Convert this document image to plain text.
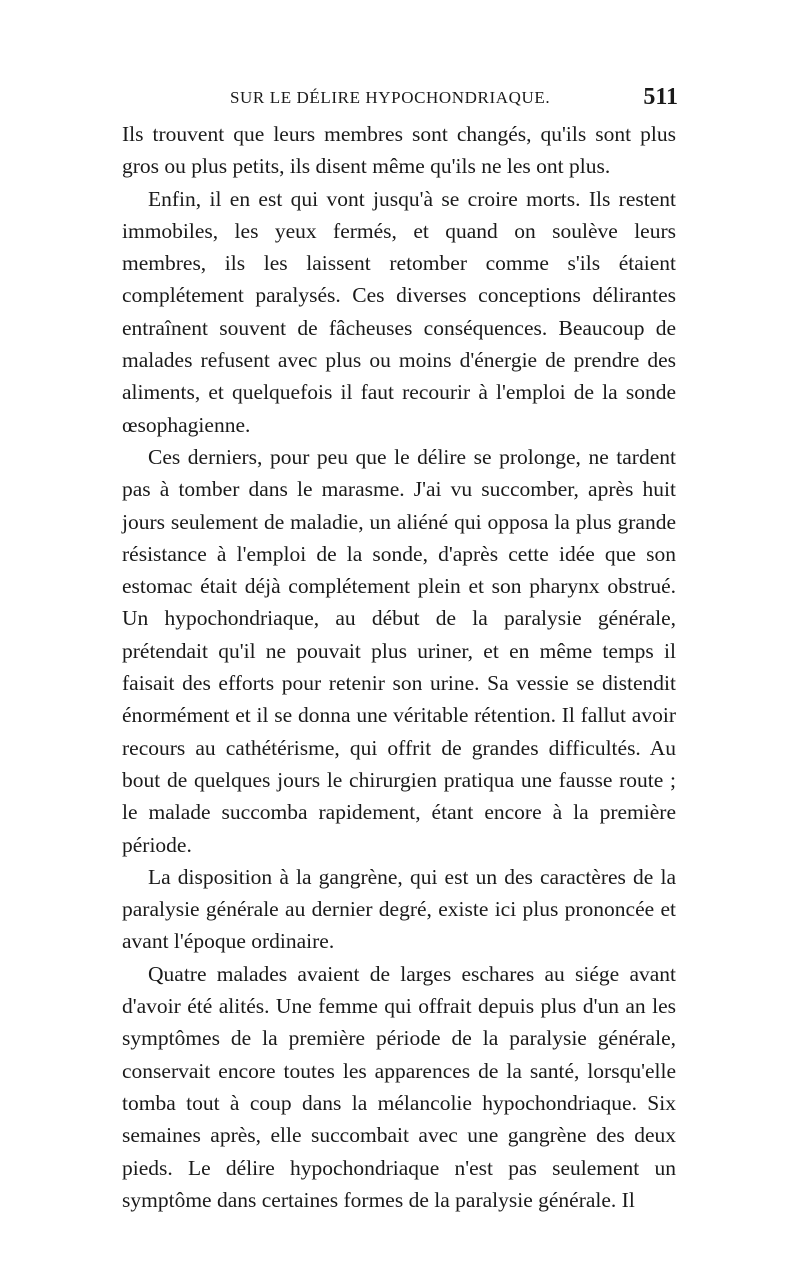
SUR LE DÉLIRE HYPOCHONDRIAQUE.	511

Ils trouvent que leurs membres sont changés, qu'ils sont plus gros ou plus petits, ils disent même qu'ils ne les ont plus.

Enfin, il en est qui vont jusqu'à se croire morts. Ils restent immobiles, les yeux fermés, et quand on soulève leurs membres, ils les laissent retomber comme s'ils étaient complétement paralysés. Ces diverses conceptions délirantes entraînent souvent de fâcheuses conséquences. Beaucoup de malades refusent avec plus ou moins d'énergie de prendre des aliments, et quelquefois il faut recourir à l'emploi de la sonde œsophagienne.

Ces derniers, pour peu que le délire se prolonge, ne tardent pas à tomber dans le marasme. J'ai vu succomber, après huit jours seulement de maladie, un aliéné qui opposa la plus grande résistance à l'emploi de la sonde, d'après cette idée que son estomac était déjà complétement plein et son pharynx obstrué. Un hypochondriaque, au début de la paralysie générale, prétendait qu'il ne pouvait plus uriner, et en même temps il faisait des efforts pour retenir son urine. Sa vessie se distendit énormément et il se donna une véritable rétention. Il fallut avoir recours au cathétérisme, qui offrit de grandes difficultés. Au bout de quelques jours le chirurgien pratiqua une fausse route ; le malade succomba rapidement, étant encore à la première période.

La disposition à la gangrène, qui est un des caractères de la paralysie générale au dernier degré, existe ici plus prononcée et avant l'époque ordinaire.

Quatre malades avaient de larges eschares au siége avant d'avoir été alités. Une femme qui offrait depuis plus d'un an les symptômes de la première période de la paralysie générale, conservait encore toutes les apparences de la santé, lorsqu'elle tomba tout à coup dans la mélancolie hypochondriaque. Six semaines après, elle succombait avec une gangrène des deux pieds. Le délire hypochondriaque n'est pas seulement un symptôme dans certaines formes de la paralysie générale. Il
